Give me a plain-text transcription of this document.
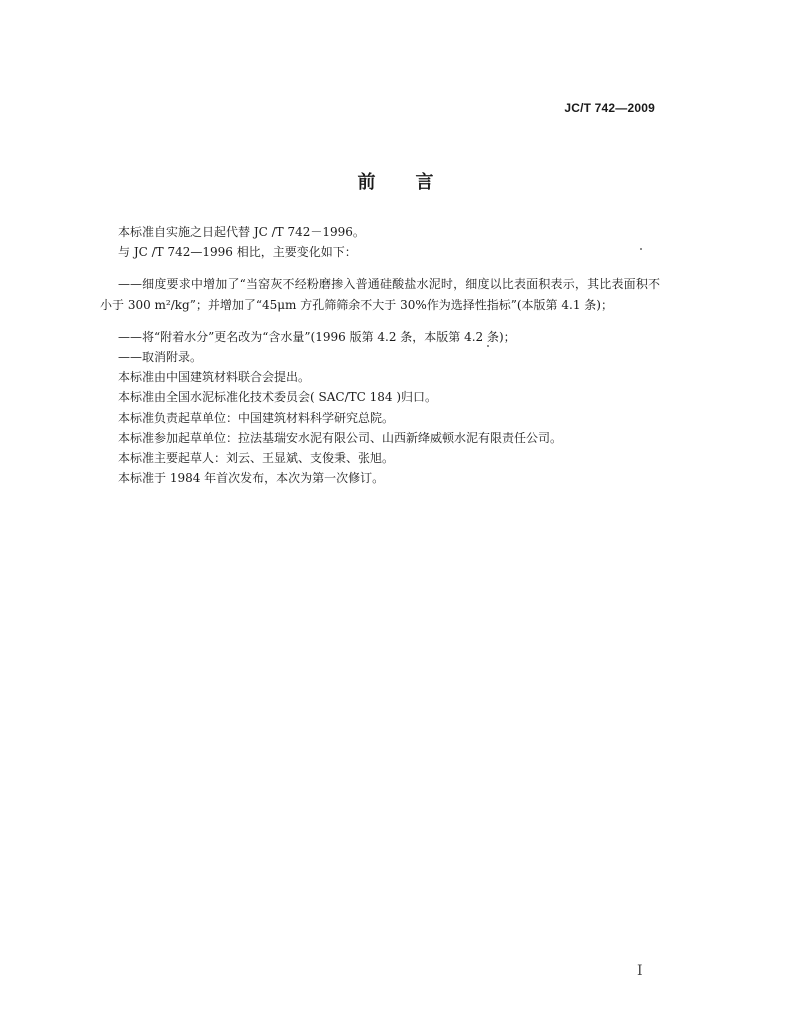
JC/T 742—2009
前言

本标准自实施之日起代替 JC /T 742－1996。

与 JC /T 742—1996 相比，主要变化如下：

——细度要求中增加了“当窑灰不经粉磨掺入普通硅酸盐水泥时，细度以比表面积表示，其比表面积不小于 300 m²/kg”；并增加了“45μm 方孔筛筛余不大于 30%作为选择性指标”(本版第 4.1 条)；

——将“附着水分”更名改为“含水量”(1996 版第 4.2 条，本版第 4.2 条)；

——取消附录。

本标准由中国建筑材料联合会提出。

本标准由全国水泥标准化技术委员会( SAC/TC 184 )归口。

本标准负责起草单位：中国建筑材料科学研究总院。

本标准参加起草单位：拉法基瑞安水泥有限公司、山西新绛威顿水泥有限责任公司。

本标准主要起草人：刘云、王显斌、支俊秉、张旭。

本标准于 1984 年首次发布，本次为第一次修订。

I
